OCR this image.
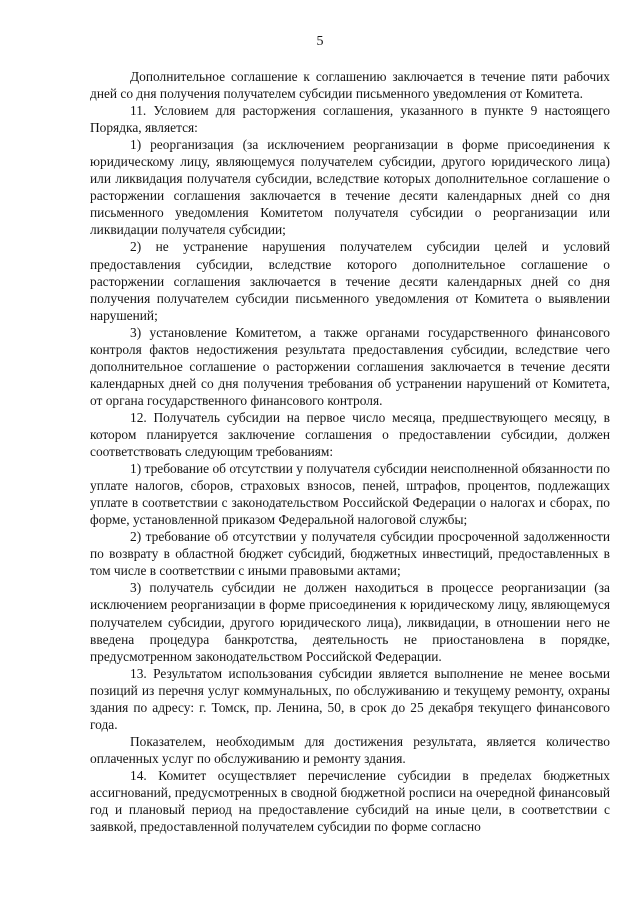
5

Дополнительное соглашение к соглашению заключается в течение пяти рабочих дней со дня получения получателем субсидии письменного уведомления от Комитета.

11. Условием для расторжения соглашения, указанного в пункте 9 настоящего Порядка, является:

1) реорганизация (за исключением реорганизации в форме присоединения к юридическому лицу, являющемуся получателем субсидии, другого юридического лица) или ликвидация получателя субсидии, вследствие которых дополнительное соглашение о расторжении соглашения заключается в течение десяти календарных дней со дня письменного уведомления Комитетом получателя субсидии о реорганизации или ликвидации получателя субсидии;

2) не устранение нарушения получателем субсидии целей и условий предоставления субсидии, вследствие которого дополнительное соглашение о расторжении соглашения заключается в течение десяти календарных дней со дня получения получателем субсидии письменного уведомления от Комитета о выявлении нарушений;

3) установление Комитетом, а также органами государственного финансового контроля фактов недостижения результата предоставления субсидии, вследствие чего дополнительное соглашение о расторжении соглашения заключается в течение десяти календарных дней со дня получения требования об устранении нарушений от Комитета, от органа государственного финансового контроля.

12. Получатель субсидии на первое число месяца, предшествующего месяцу, в котором планируется заключение соглашения о предоставлении субсидии, должен соответствовать следующим требованиям:

1) требование об отсутствии у получателя субсидии неисполненной обязанности по уплате налогов, сборов, страховых взносов, пеней, штрафов, процентов, подлежащих уплате в соответствии с законодательством Российской Федерации о налогах и сборах, по форме, установленной приказом Федеральной налоговой службы;

2) требование об отсутствии у получателя субсидии просроченной задолженности по возврату в областной бюджет субсидий, бюджетных инвестиций, предоставленных в том числе в соответствии с иными правовыми актами;

3) получатель субсидии не должен находиться в процессе реорганизации (за исключением реорганизации в форме присоединения к юридическому лицу, являющемуся получателем субсидии, другого юридического лица), ликвидации, в отношении него не введена процедура банкротства, деятельность не приостановлена в порядке, предусмотренном законодательством Российской Федерации.

13. Результатом использования субсидии является выполнение не менее восьми позиций из перечня услуг коммунальных, по обслуживанию и текущему ремонту, охраны здания по адресу: г. Томск, пр. Ленина, 50, в срок до 25 декабря текущего финансового года.

Показателем, необходимым для достижения результата, является количество оплаченных услуг по обслуживанию и ремонту здания.

14. Комитет осуществляет перечисление субсидии в пределах бюджетных ассигнований, предусмотренных в сводной бюджетной росписи на очередной финансовый год и плановый период на предоставление субсидий на иные цели, в соответствии с заявкой, предоставленной получателем субсидии по форме согласно
